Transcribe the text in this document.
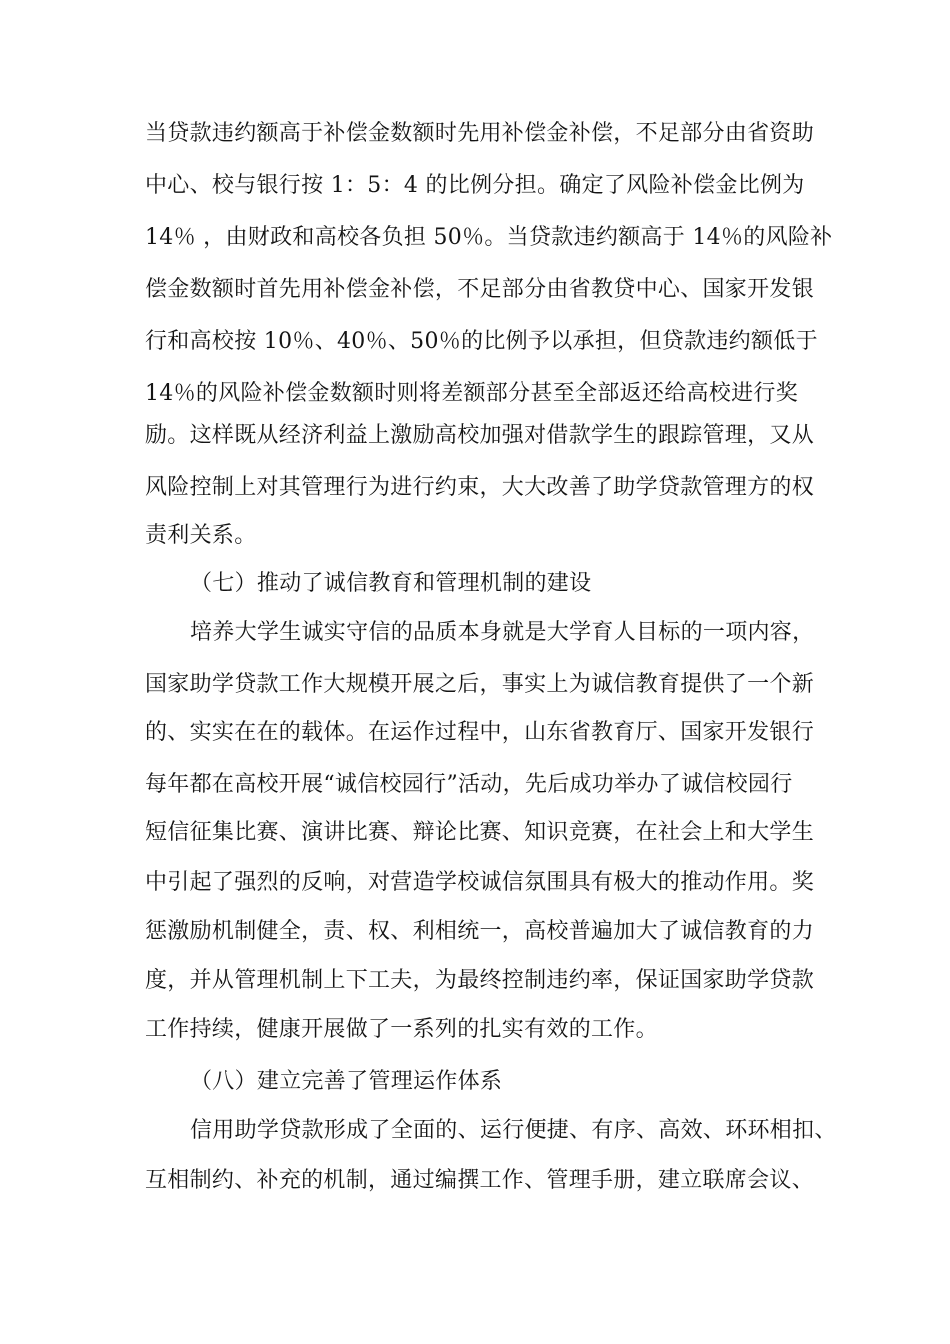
当贷款违约额高于补偿金数额时先用补偿金补偿，不足部分由省资助
中心、校与银行按 1：5：4 的比例分担。确定了风险补偿金比例为
14％ ，由财政和高校各负担 50％。当贷款违约额高于 14％的风险补
偿金数额时首先用补偿金补偿，不足部分由省教贷中心、国家开发银
行和高校按 10％、40％、50％的比例予以承担，但贷款违约额低于
14％的风险补偿金数额时则将差额部分甚至全部返还给高校进行奖
励。这样既从经济利益上激励高校加强对借款学生的跟踪管理，又从
风险控制上对其管理行为进行约束，大大改善了助学贷款管理方的权
责利关系。
（七）推动了诚信教育和管理机制的建设
培养大学生诚实守信的品质本身就是大学育人目标的一项内容，
国家助学贷款工作大规模开展之后，事实上为诚信教育提供了一个新
的、实实在在的载体。在运作过程中，山东省教育厅、国家开发银行
每年都在高校开展“诚信校园行”活动，先后成功举办了诚信校园行
短信征集比赛、演讲比赛、辩论比赛、知识竞赛，在社会上和大学生
中引起了强烈的反响，对营造学校诚信氛围具有极大的推动作用。奖
惩激励机制健全，责、权、利相统一，高校普遍加大了诚信教育的力
度，并从管理机制上下工夫，为最终控制违约率，保证国家助学贷款
工作持续，健康开展做了一系列的扎实有效的工作。
（八）建立完善了管理运作体系
信用助学贷款形成了全面的、运行便捷、有序、高效、环环相扣、
互相制约、补充的机制，通过编撰工作、管理手册，建立联席会议、
